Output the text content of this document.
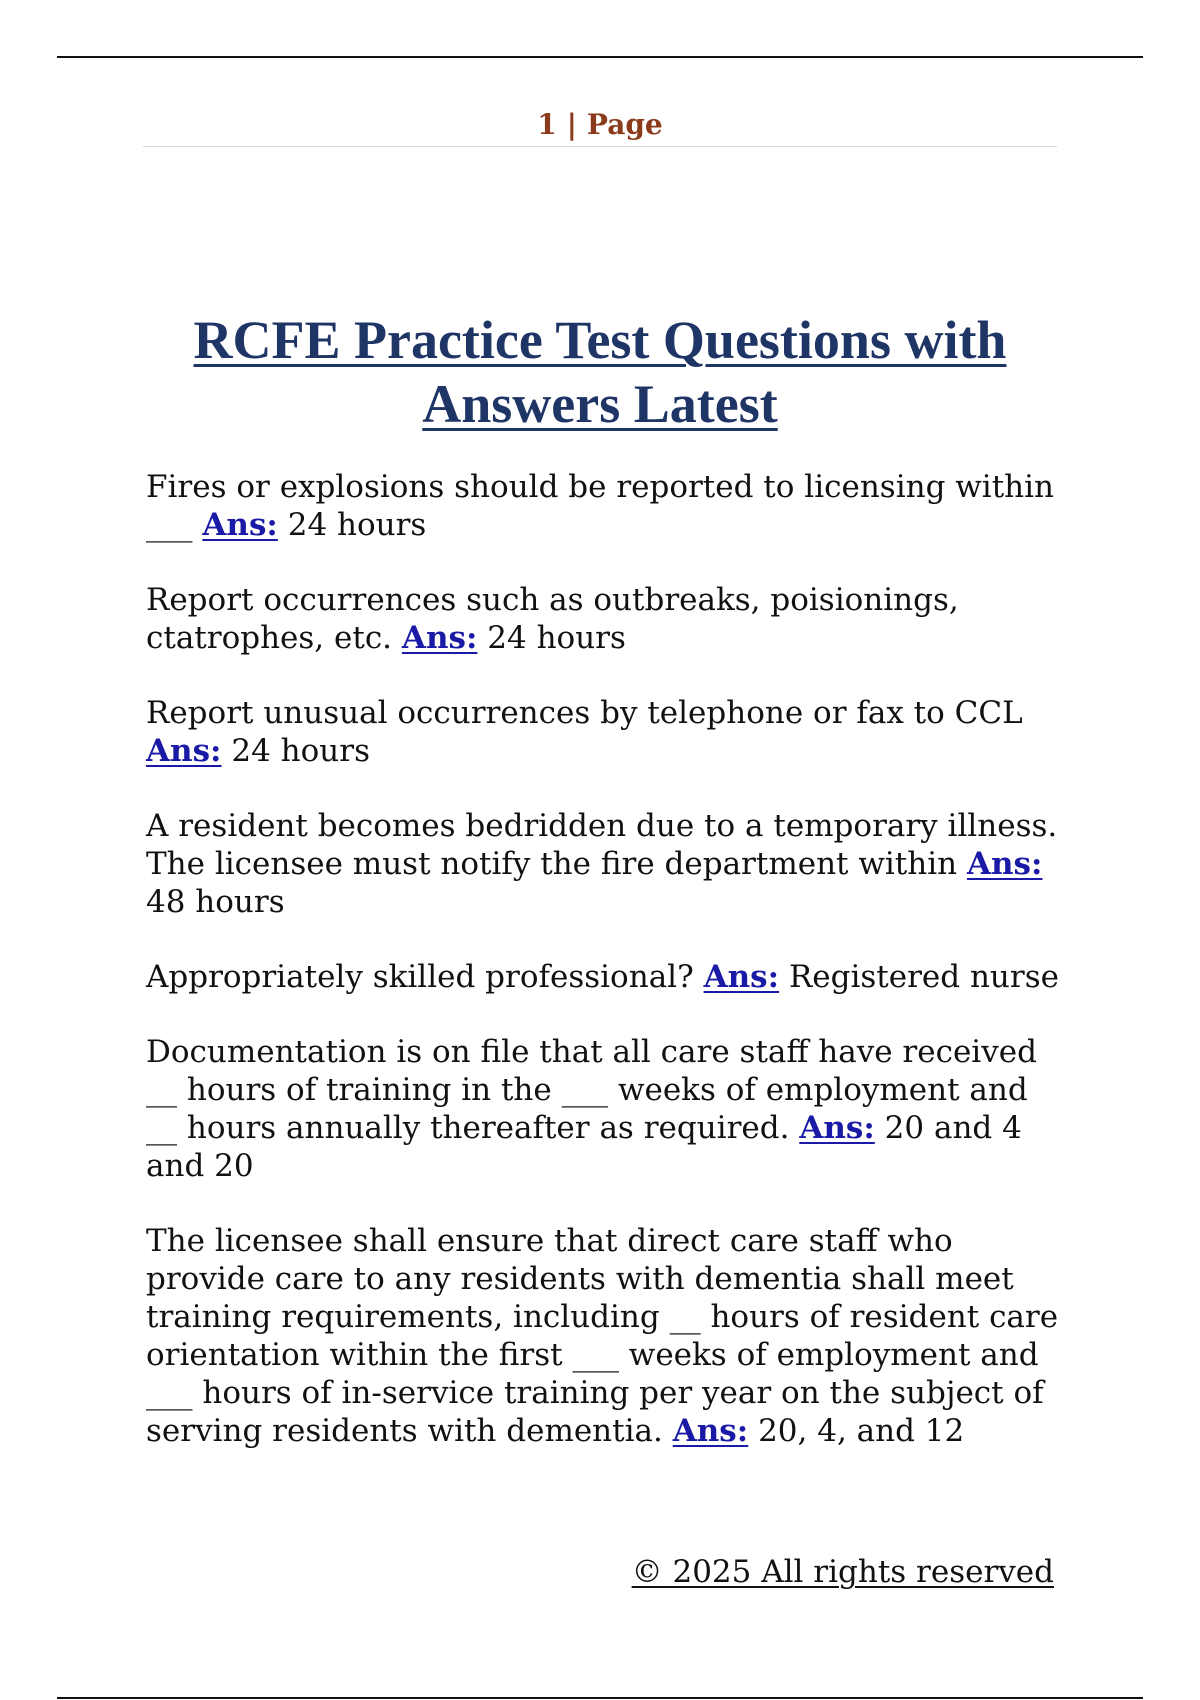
1 | Page
RCFE Practice Test Questions with Answers Latest

Fires or explosions should be reported to licensing within ___ Ans: 24 hours

Report occurrences such as outbreaks, poisionings, ctatrophes, etc. Ans: 24 hours

Report unusual occurrences by telephone or fax to CCL Ans: 24 hours

A resident becomes bedridden due to a temporary illness. The licensee must notify the fire department within Ans: 48 hours

Appropriately skilled professional? Ans: Registered nurse

Documentation is on file that all care staff have received __ hours of training in the ___ weeks of employment and __ hours annually thereafter as required. Ans: 20 and 4 and 20

The licensee shall ensure that direct care staff who provide care to any residents with dementia shall meet training requirements, including __ hours of resident care orientation within the first ___ weeks of employment and ___ hours of in-service training per year on the subject of serving residents with dementia. Ans: 20, 4, and 12

© 2025 All rights reserved
